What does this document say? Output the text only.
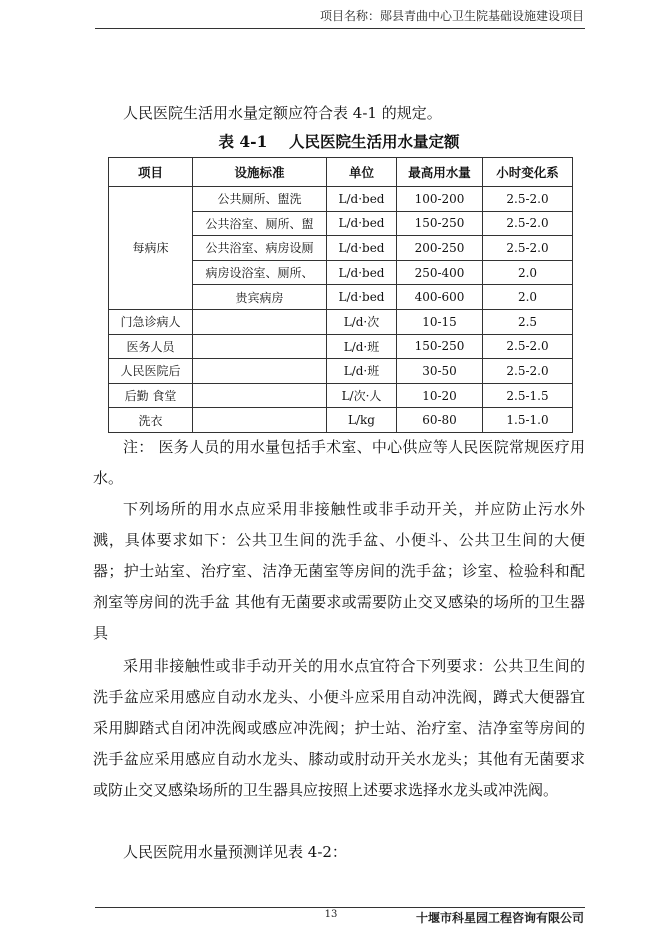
项目名称：郧县青曲中心卫生院基础设施建设项目

人民医院生活用水量定额应符合表 4-1 的规定。

表 4-1    人民医院生活用水量定额
项目	设施标准	单位	最高用水量	小时变化系
每病床	公共厕所、盥洗	L/d·bed	100-200	2.5-2.0
	公共浴室、厕所、盥	L/d·bed	150-250	2.5-2.0
	公共浴室、病房设厕	L/d·bed	200-250	2.5-2.0
	病房设浴室、厕所、	L/d·bed	250-400	2.0
	贵宾病房	L/d·bed	400-600	2.0
门急诊病人		L/d·次	10-15	2.5
医务人员		L/d·班	150-250	2.5-2.0
人民医院后		L/d·班	30-50	2.5-2.0
后勤 食堂		L/次·人	10-20	2.5-1.5
洗衣		L/kg	60-80	1.5-1.0

注： 医务人员的用水量包括手术室、中心供应等人民医院常规医疗用水。

下列场所的用水点应采用非接触性或非手动开关，并应防止污水外溅，具体要求如下：公共卫生间的洗手盆、小便斗、公共卫生间的大便器；护士站室、治疗室、洁净无菌室等房间的洗手盆；诊室、检验科和配剂室等房间的洗手盆 其他有无菌要求或需要防止交叉感染的场所的卫生器具

采用非接触性或非手动开关的用水点宜符合下列要求：公共卫生间的洗手盆应采用感应自动水龙头、小便斗应采用自动冲洗阀，蹲式大便器宜采用脚踏式自闭冲洗阀或感应冲洗阀；护士站、治疗室、洁净室等房间的洗手盆应采用感应自动水龙头、膝动或肘动开关水龙头；其他有无菌要求或防止交叉感染场所的卫生器具应按照上述要求选择水龙头或冲洗阀。

人民医院用水量预测详见表 4-2：

13	十堰市科星园工程咨询有限公司
